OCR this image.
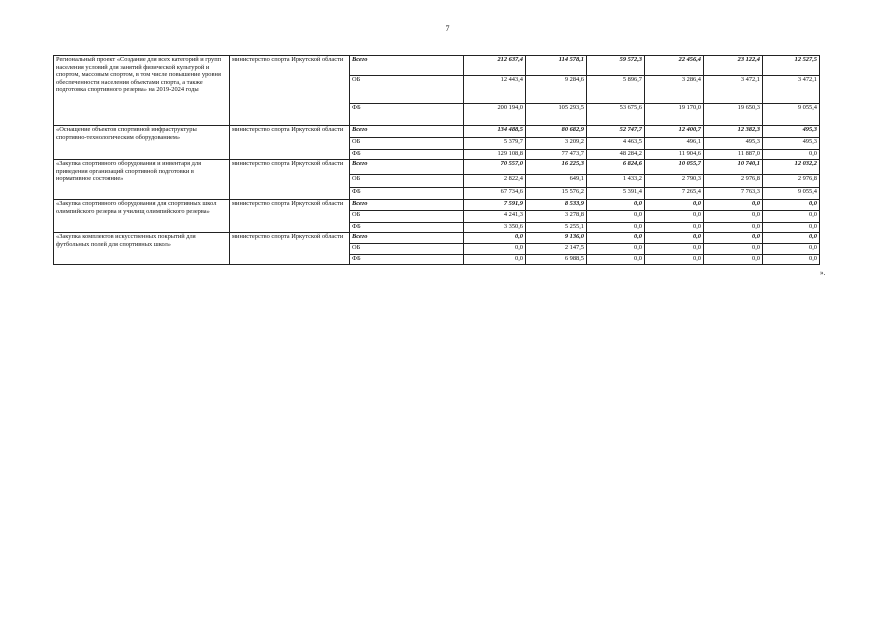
7
Региональный проект «Создание для всех категорий и групп населения условий для занятий физической культурой и спортом, массовым спортом, в том числе повышение уровня обеспеченности населения объектами спорта, а также подготовка спортивного резерва» на 2019-2024 годы	министерство спорта Иркутской области	Всего	212 637,4	114 578,1	59 572,3	22 456,4	23 122,4	12 527,5
		ОБ	12 443,4	9 284,6	5 896,7	3 286,4	3 472,1	3 472,1
		ФБ	200 194,0	105 293,5	53 675,6	19 170,0	19 650,3	9 055,4
«Оснащение объектов спортивной инфраструктуры спортивно-технологическим оборудованием»	министерство спорта Иркутской области	Всего	134 488,5	80 682,9	52 747,7	12 400,7	12 382,3	495,3
		ОБ	5 379,7	3 209,2	4 463,5	496,1	495,3	495,3
		ФБ	129 108,8	77 473,7	48 284,2	11 904,6	11 887,0	0,0
«Закупка спортивного оборудования и инвентаря для приведения организаций спортивной подготовки в нормативное состояние»	министерство спорта Иркутской области	Всего	70 557,0	16 225,3	6 824,6	10 055,7	10 740,1	12 032,2
		ОБ	2 822,4	649,1	1 433,2	2 790,3	2 976,8	2 976,8
		ФБ	67 734,6	15 576,2	5 391,4	7 265,4	7 763,3	9 055,4
«Закупка спортивного оборудования для спортивных школ олимпийского резерва и училищ олимпийского резерва»	министерство спорта Иркутской области	Всего	7 591,9	8 533,9	0,0	0,0	0,0	0,0
		ОБ	4 241,3	3 278,8	0,0	0,0	0,0	0,0
		ФБ	3 350,6	5 255,1	0,0	0,0	0,0	0,0
«Закупка комплектов искусственных покрытий для футбольных полей для спортивных школ»	министерство спорта Иркутской области	Всего	0,0	9 136,0	0,0	0,0	0,0	0,0
		ОБ	0,0	2 147,5	0,0	0,0	0,0	0,0
		ФБ	0,0	6 988,5	0,0	0,0	0,0	0,0
».
